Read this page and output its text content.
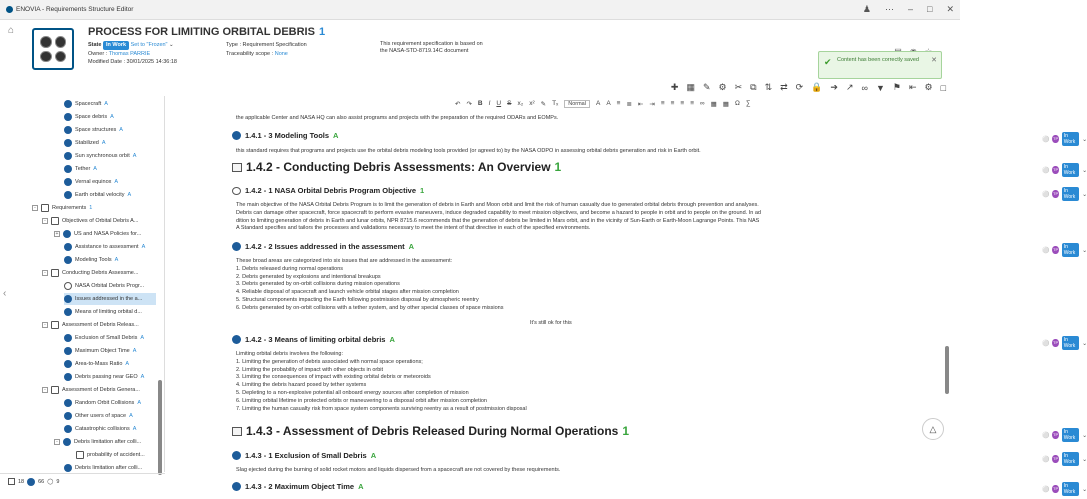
ENOVIA - Requirements Structure Editor	♟ ⋯ – □ ✕
⌂	PROCESS FOR LIMITING ORBITAL DEBRIS 1
State In Work Set to "Frozen" ⌄
Owner : Thomas PARRIE
Modified Date : 30/01/2025 14:36:18
Type : Requirement Specification
Traceability scope : None
This requirement specification is based on the NASA-STD-8719.14C document
✔ Content has been correctly saved ✕
✚ ▦ ✎ ⚙ ✂ ⧉ ⇅ ⇄ ⟳ 🔒 ➔ ↗ ∞ ▼ ⚑ ⇤ ⚙ □
Spacecraft A
Space debris A
Space structures A
Stabilized A
Sun synchronous orbit A
Tether A
Vernal equinox A
Earth orbital velocity A
-	Requirements 1
-	Objectives of Orbital Debris A...
+	US and NASA Policies for...
Assistance to assessment A
Modeling Tools A
-	Conducting Debris Assessme...
NASA Orbital Debris Progr...
Issues addressed in the a...
Means of limiting orbital d...
-	Assessment of Debris Releas...
Exclusion of Small Debris A
Maximum Object Time A
Area-to-Mass Ratio A
Debris passing near GEO A
-	Assessment of Debris Genera...
Random Orbit Collisions A
Other users of space A
Catastrophic collisions A
-	Debris limitation after colli...
probability of accident...
Debris limitation after colli...
‹
18	66 ◯ 9
↶ ↷ B I U S x₂ x² ✎ Tₓ	Normal	A A ≡ ≣ ⇤ ⇥ ≡ ≡ ≡ ≡ ∞ ▦ ▦ Ω ∑
the applicable Center and NASA HQ can also assist programs and projects with the preparation of the required ODARs and EOMPs.
1.4.1 - 3 Modeling Tools A
this standard requires that programs and projects use the orbital debris modeling tools provided (or agreed to) by the NASA ODPO in assessing orbital debris generation and risk in Earth orbit.
1.4.2 - Conducting Debris Assessments: An Overview 1
1.4.2 - 1 NASA Orbital Debris Program Objective 1
The main objective of the NASA Orbital Debris Program is to limit the generation of debris in Earth and Moon orbit and limit the risk of human casualty due to generated orbital debris through prevention and analyses.
Debris can damage other spacecraft, force spacecraft to perform evasive maneuvers, induce degraded capability to meet mission objectives, and become a hazard to people in orbit and to people on the ground. In ad
dition to limiting generation of debris in Earth and lunar orbits, NPR 8715.6 recommends that the generation of debris be limited in Mars orbit, and in the vicinity of Sun-Earth or Earth-Moon Lagrange Points. This NAS
A Standard specifies and tailors the processes and validations necessary to meet the intent of that directive in each of the specified environments.
1.4.2 - 2 Issues addressed in the assessment A
These broad areas are categorized into six issues that are addressed in the assessment:
1. Debris released during normal operations
2. Debris generated by explosions and intentional breakups
3. Debris generated by on-orbit collisions during mission operations
4. Reliable disposal of spacecraft and launch vehicle orbital stages after mission completion
5. Structural components impacting the Earth following postmission disposal by atmospheric reentry
6. Debris generated by on-orbit collisions with a tether system, and by other special classes of space missions
1.4.2 - 3 Means of limiting orbital debris A
Limiting orbital debris involves the following:
1. Limiting the generation of debris associated with normal space operations;
2. Limiting the probability of impact with other objects in orbit
3. Limiting the consequences of impact with existing orbital debris or meteoroids
4. Limiting the debris hazard posed by tether systems
5. Depleting to a non-explosive potential all onboard energy sources after completion of mission
6. Limiting orbital lifetime in protected orbits or maneuvering to a disposal orbit after mission completion
7. Limiting the human casualty risk from space system components surviving reentry as a result of postmission disposal
1.4.3 - Assessment of Debris Released During Normal Operations 1
1.4.3 - 1 Exclusion of Small Debris A
Slag ejected during the burning of solid rocket motors and liquids dispersed from a spacecraft are not covered by these requirements.
1.4.3 - 2 Maximum Object Time A
⚪ TP	In Work	⌄
⚪ TP	In Work	⌄
⚪ TP	In Work	⌄
⚪ TP	In Work	⌄
⚪ TP	In Work	⌄
⚪ TP	In Work	⌄
⚪ TP	In Work	⌄
⚪ TP	In Work	⌄
It's still ok for this
△
